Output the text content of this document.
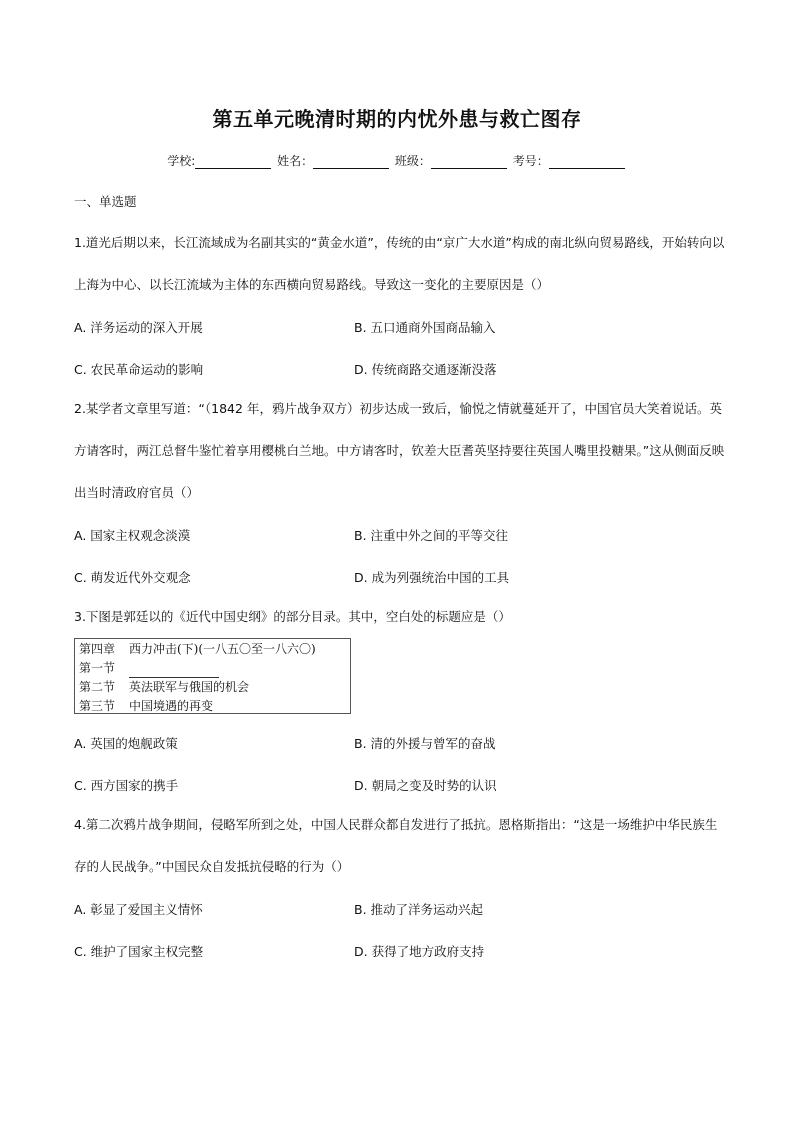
第五单元晚清时期的内忧外患与救亡图存
学校:	姓名：	班级：	考号：
一、单选题
1.道光后期以来，长江流域成为名副其实的“黄金水道”，传统的由“京广大水道”构成的南北纵向贸易路线，开始转向以上海为中心、以长江流域为主体的东西横向贸易路线。导致这一变化的主要原因是（）
A. 洋务运动的深入开展	B. 五口通商外国商品输入
C. 农民革命运动的影响	D. 传统商路交通逐渐没落
2.某学者文章里写道：“（1842 年，鸦片战争双方）初步达成一致后，愉悦之情就蔓延开了，中国官员大笑着说话。英方请客时，两江总督牛鉴忙着享用樱桃白兰地。中方请客时，钦差大臣耆英坚持要往英国人嘴里投糖果。”这从侧面反映出当时清政府官员（）
A. 国家主权观念淡漠	B. 注重中外之间的平等交往
C. 萌发近代外交观念	D. 成为列强统治中国的工具
3.下图是郭廷以的《近代中国史纲》的部分目录。其中，空白处的标题应是（）
第四章 西力冲击(下)(一八五〇至一八六〇)
第一节
第二节 英法联军与俄国的机会
第三节 中国境遇的再变
A. 英国的炮舰政策	B. 清的外援与曾军的奋战
C. 西方国家的携手	D. 朝局之变及时势的认识
4.第二次鸦片战争期间，侵略军所到之处，中国人民群众都自发进行了抵抗。恩格斯指出：“这是一场维护中华民族生存的人民战争。”中国民众自发抵抗侵略的行为（）
A. 彰显了爱国主义情怀	B. 推动了洋务运动兴起
C. 维护了国家主权完整	D. 获得了地方政府支持
